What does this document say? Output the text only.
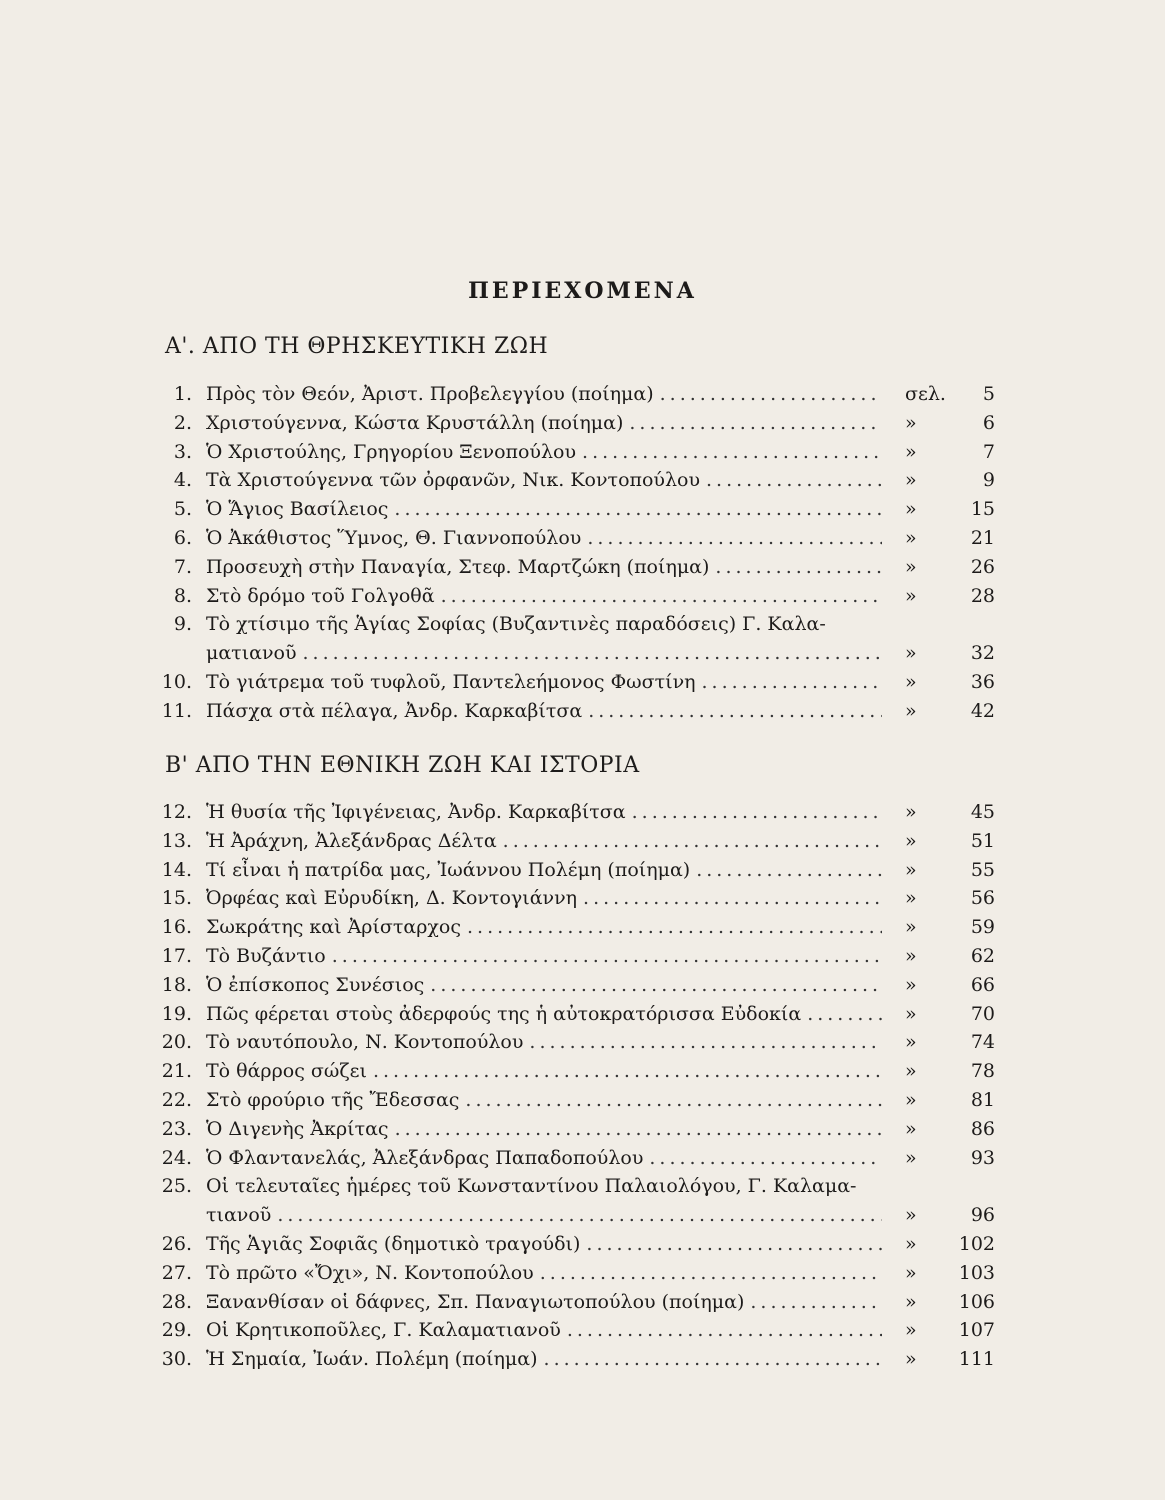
ΠΕΡΙΕΧΟΜΕΝΑ
Α'. ΑΠΟ ΤΗ ΘΡΗΣΚΕΥΤΙΚΗ ΖΩΗ
Β' ΑΠΟ ΤΗΝ ΕΘΝΙΚΗ ΖΩΗ ΚΑΙ ΙΣΤΟΡΙΑ
1. Πρὸς τὸν Θεόν, Ἀριστ. Προβελεγγίου (ποίημα) .....	σελ.	5
2. Χριστούγεννα, Κώστα Κρυστάλλη (ποίημα) .....	»	6
3. Ὁ Χριστούλης, Γρηγορίου Ξενοπούλου .....	»	7
4. Τὰ Χριστούγεννα τῶν ὀρφανῶν, Νικ. Κοντοπούλου .....	»	9
5. Ὁ Ἅγιος Βασίλειος .....	»	15
6. Ὁ Ἀκάθιστος Ὕμνος, Θ. Γιαννοπούλου .....	»	21
7. Προσευχὴ στὴν Παναγία, Στεφ. Μαρτζώκη (ποίημα) .....	»	26
8. Στὸ δρόμο τοῦ Γολγοθᾶ .....	»	28
9. Τὸ χτίσιμο τῆς Ἁγίας Σοφίας (Βυζαντινὲς παραδόσεις) Γ. Καλα-
ματιανοῦ .....	»	32
10. Τὸ γιάτρεμα τοῦ τυφλοῦ, Παντελεήμονος Φωστίνη .....	»	36
11. Πάσχα στὰ πέλαγα, Ἀνδρ. Καρκαβίτσα .....	»	42
12. Ἡ θυσία τῆς Ἰφιγένειας, Ἀνδρ. Καρκαβίτσα .....	»	45
13. Ἡ Ἀράχνη, Ἀλεξάνδρας Δέλτα .....	»	51
14. Τί εἶναι ἡ πατρίδα μας, Ἰωάννου Πολέμη (ποίημα) .....	»	55
15. Ὀρφέας καὶ Εὐρυδίκη, Δ. Κοντογιάννη .....	»	56
16. Σωκράτης καὶ Ἀρίσταρχος .....	»	59
17. Τὸ Βυζάντιο .....	»	62
18. Ὁ ἐπίσκοπος Συνέσιος .....	»	66
19. Πῶς φέρεται στοὺς ἀδερφούς της ἡ αὐτοκρατόρισσα Εὐδοκία .....	»	70
20. Τὸ ναυτόπουλο, Ν. Κοντοπούλου .....	»	74
21. Τὸ θάρρος σώζει .....	»	78
22. Στὸ φρούριο τῆς Ἔδεσσας .....	»	81
23. Ὁ Διγενὴς Ἀκρίτας .....	»	86
24. Ὁ Φλαντανελάς, Ἀλεξάνδρας Παπαδοπούλου .....	»	93
25. Οἱ τελευταῖες ἡμέρες τοῦ Κωνσταντίνου Παλαιολόγου, Γ. Καλαμα-
τιανοῦ .....	»	96
26. Τῆς Ἁγιᾶς Σοφιᾶς (δημοτικὸ τραγούδι) .....	»	102
27. Τὸ πρῶτο «Ὄχι», Ν. Κοντοπούλου .....	»	103
28. Ξανανθίσαν οἱ δάφνες, Σπ. Παναγιωτοπούλου (ποίημα) .....	»	106
29. Οἱ Κρητικοποῦλες, Γ. Καλαματιανοῦ .....	»	107
30. Ἡ Σημαία, Ἰωάν. Πολέμη (ποίημα) .....	»	111
